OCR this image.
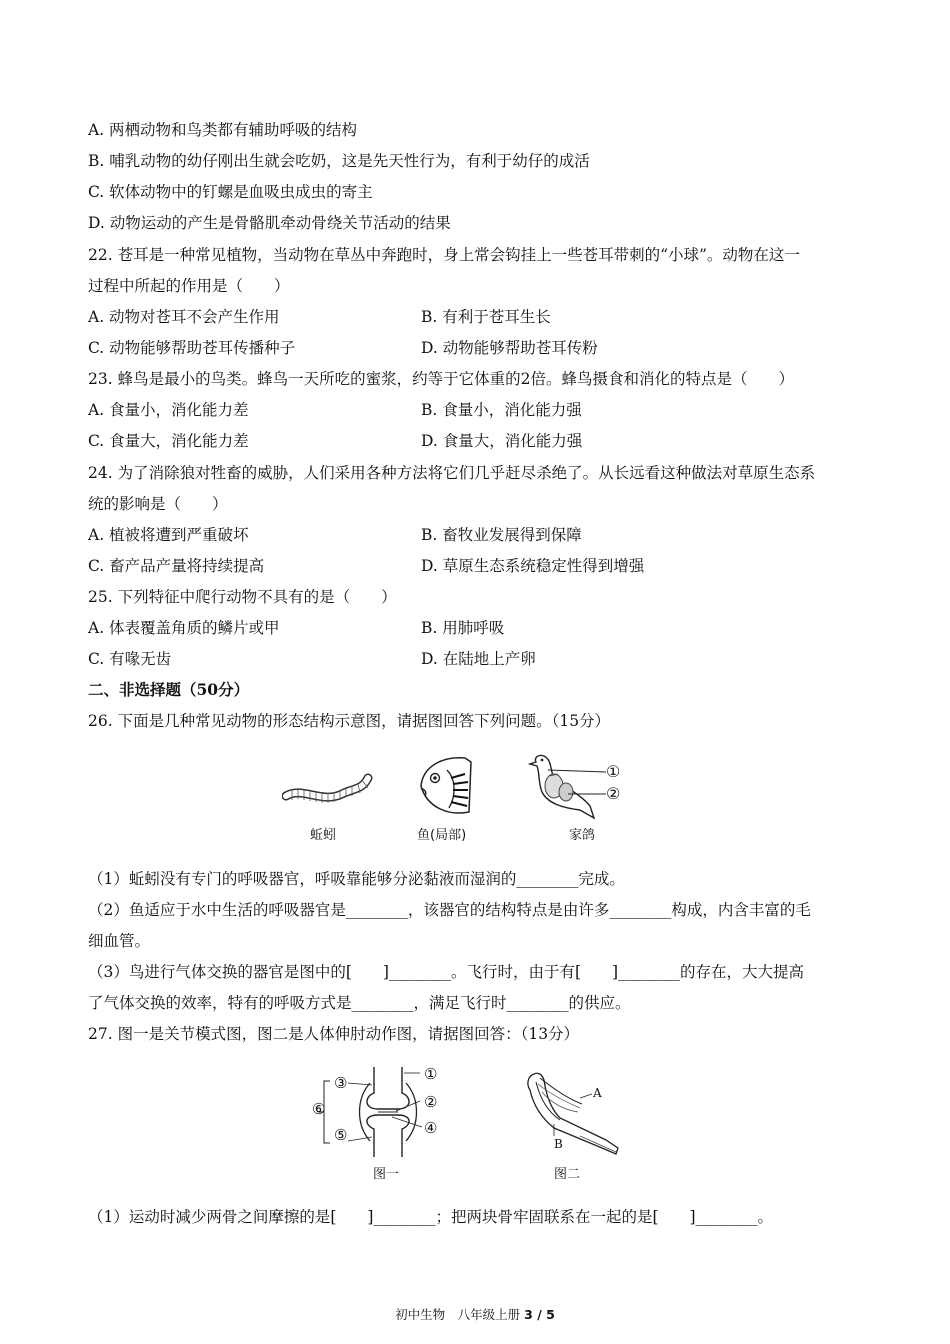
A. 两栖动物和鸟类都有辅助呼吸的结构
B. 哺乳动物的幼仔刚出生就会吃奶，这是先天性行为，有利于幼仔的成活
C. 软体动物中的钉螺是血吸虫成虫的寄主
D. 动物运动的产生是骨骼肌牵动骨绕关节活动的结果
22. 苍耳是一种常见植物，当动物在草丛中奔跑时，身上常会钩挂上一些苍耳带刺的“小球”。动物在这一
过程中所起的作用是（　　）
A. 动物对苍耳不会产生作用	B. 有利于苍耳生长
C. 动物能够帮助苍耳传播种子	D. 动物能够帮助苍耳传粉
23. 蜂鸟是最小的鸟类。蜂鸟一天所吃的蜜浆，约等于它体重的2倍。蜂鸟摄食和消化的特点是（　　）
A. 食量小，消化能力差	B. 食量小，消化能力强
C. 食量大，消化能力差	D. 食量大，消化能力强
24. 为了消除狼对牲畜的威胁，人们采用各种方法将它们几乎赶尽杀绝了。从长远看这种做法对草原生态系
统的影响是（　　）
A. 植被将遭到严重破坏	B. 畜牧业发展得到保障
C. 畜产品产量将持续提高	D. 草原生态系统稳定性得到增强
25. 下列特征中爬行动物不具有的是（　　）
A. 体表覆盖角质的鳞片或甲	B. 用肺呼吸
C. 有喙无齿	D. 在陆地上产卵
二、非选择题（50分）
26. 下面是几种常见动物的形态结构示意图，请据图回答下列问题。（15分）
蚯蚓	鱼(局部)
①
②
家鸽
（1）蚯蚓没有专门的呼吸器官，呼吸靠能够分泌黏液而湿润的________完成。
（2）鱼适应于水中生活的呼吸器官是________，该器官的结构特点是由许多________构成，内含丰富的毛
细血管。
（3）鸟进行气体交换的器官是图中的[　　]________。飞行时，由于有[　　]________的存在，大大提高
了气体交换的效率，特有的呼吸方式是________，满足飞行时________的供应。
27. 图一是关节模式图，图二是人体伸肘动作图，请据图回答：（13分）
①
②
③
④
⑤
⑥
图一
A
B
图二
（1）运动时减少两骨之间摩擦的是[　　]________；把两块骨牢固联系在一起的是[　　]________。
初中生物　八年级上册 3 / 5
